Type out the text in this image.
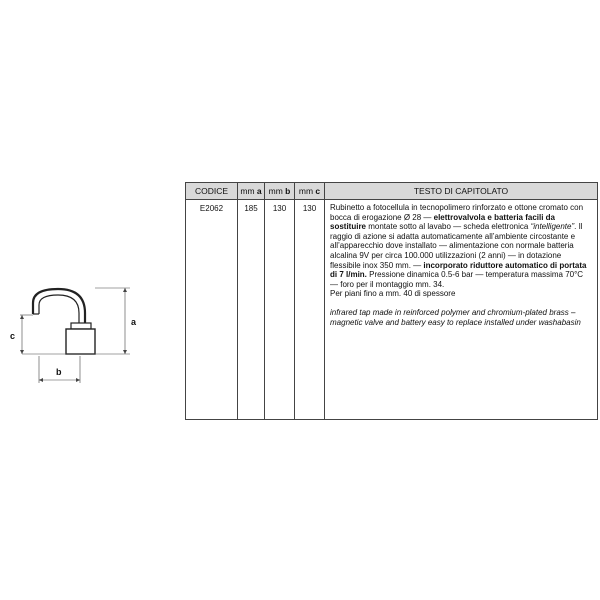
a
c
b
CODICE	mm a	mm b	mm c	TESTO DI CAPITOLATO
E2062	185	130	130	Rubinetto a fotocellula in tecnopolimero rinforzato e ottone cromato con bocca di erogazione Ø 28 — elettrovalvola e batteria facili da sostituire montate sotto al lavabo — scheda elettronica “intelligente”. Il raggio di azione si adatta automaticamente all’ambiente circostante e all’apparecchio dove installato — alimentazione con normale batteria alcalina 9V per circa 100.000 utilizzazioni (2 anni) — in dotazione flessibile inox 350 mm. — incorporato riduttore automatico di portata di 7 l/min. Pressione dinamica 0.5-6 bar — temperatura massima 70°C — foro per il montaggio mm. 34.
Per piani fino a mm. 40 di spessore

infrared tap made in reinforced polymer and chromium-plated brass – magnetic valve and battery easy to replace installed under washabasin
